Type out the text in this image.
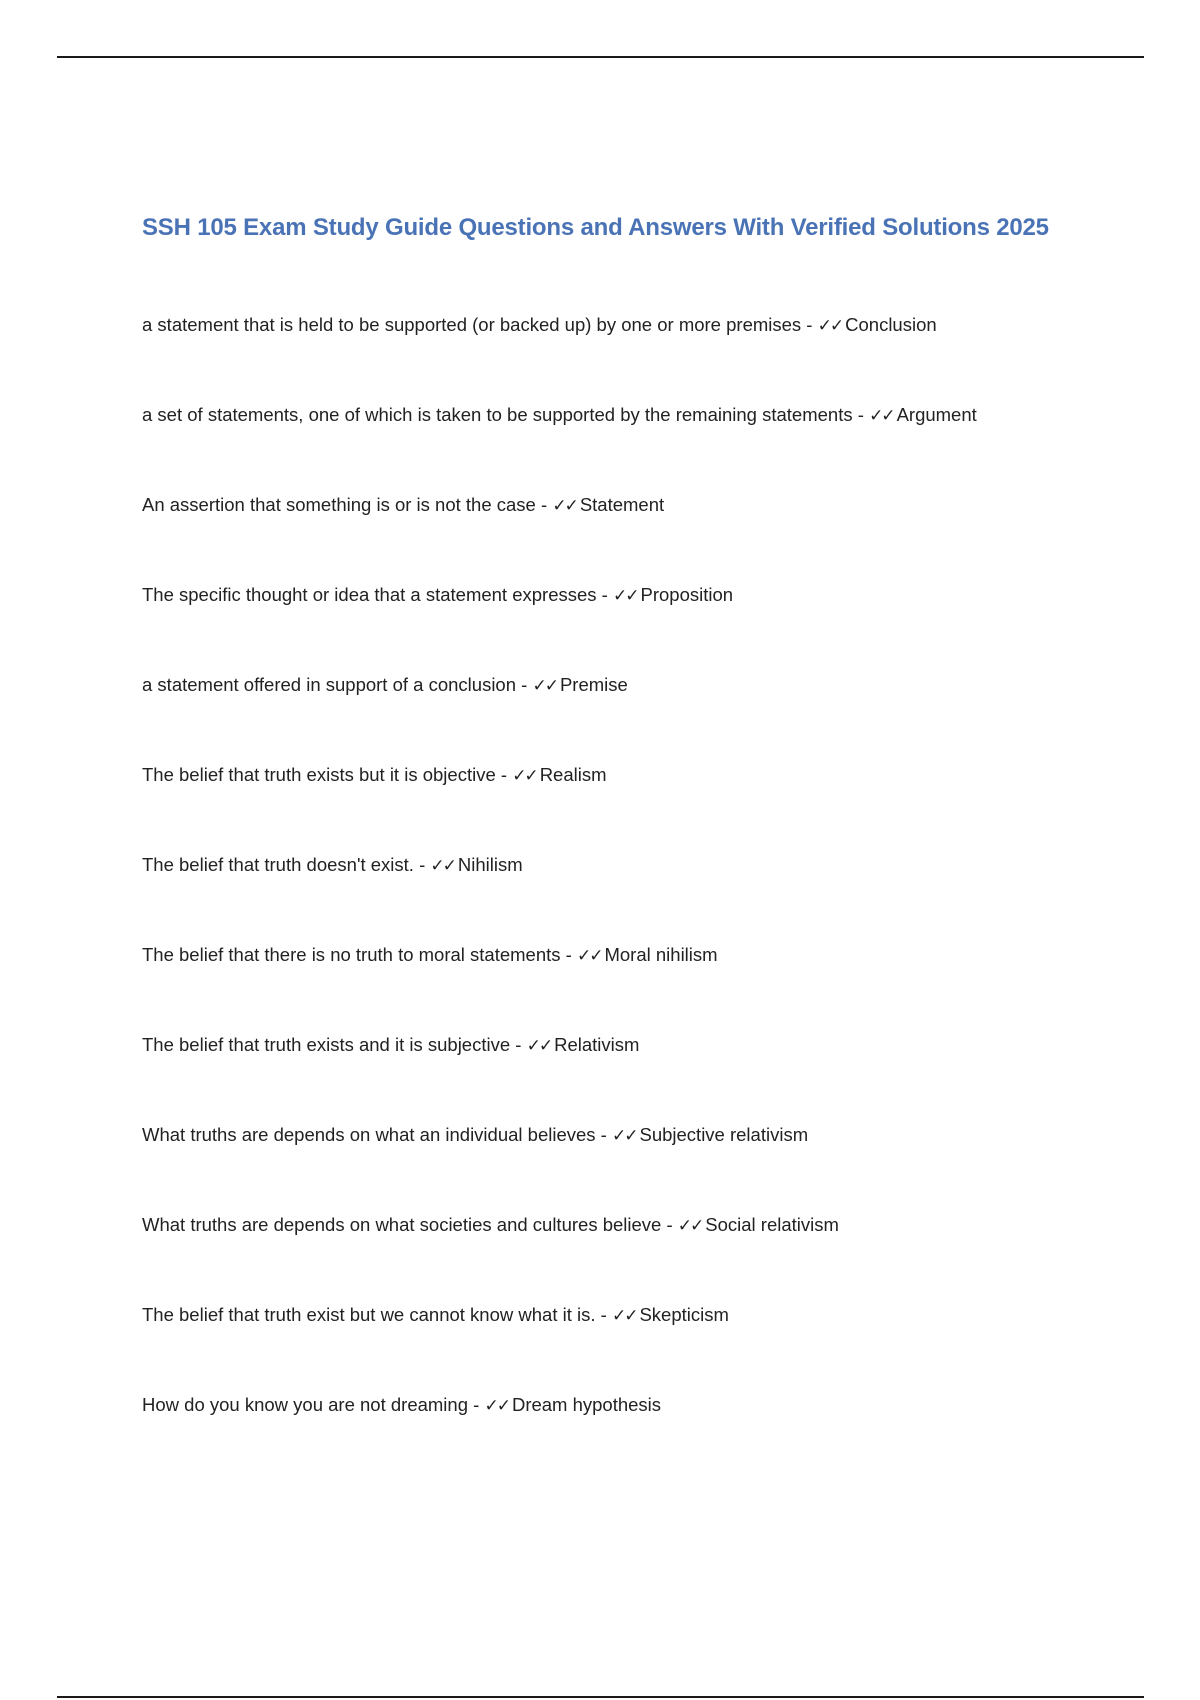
SSH 105 Exam Study Guide Questions and Answers With Verified Solutions 2025
a statement that is held to be supported (or backed up) by one or more premises - ✓✓ Conclusion
a set of statements, one of which is taken to be supported by the remaining statements - ✓✓ Argument
An assertion that something is or is not the case - ✓✓ Statement
The specific thought or idea that a statement expresses - ✓✓ Proposition
a statement offered in support of a conclusion - ✓✓ Premise
The belief that truth exists but it is objective - ✓✓ Realism
The belief that truth doesn't exist. - ✓✓ Nihilism
The belief that there is no truth to moral statements - ✓✓ Moral nihilism
The belief that truth exists and it is subjective - ✓✓ Relativism
What truths are depends on what an individual believes - ✓✓ Subjective relativism
What truths are depends on what societies and cultures believe - ✓✓ Social relativism
The belief that truth exist but we cannot know what it is. - ✓✓ Skepticism
How do you know you are not dreaming - ✓✓ Dream hypothesis
